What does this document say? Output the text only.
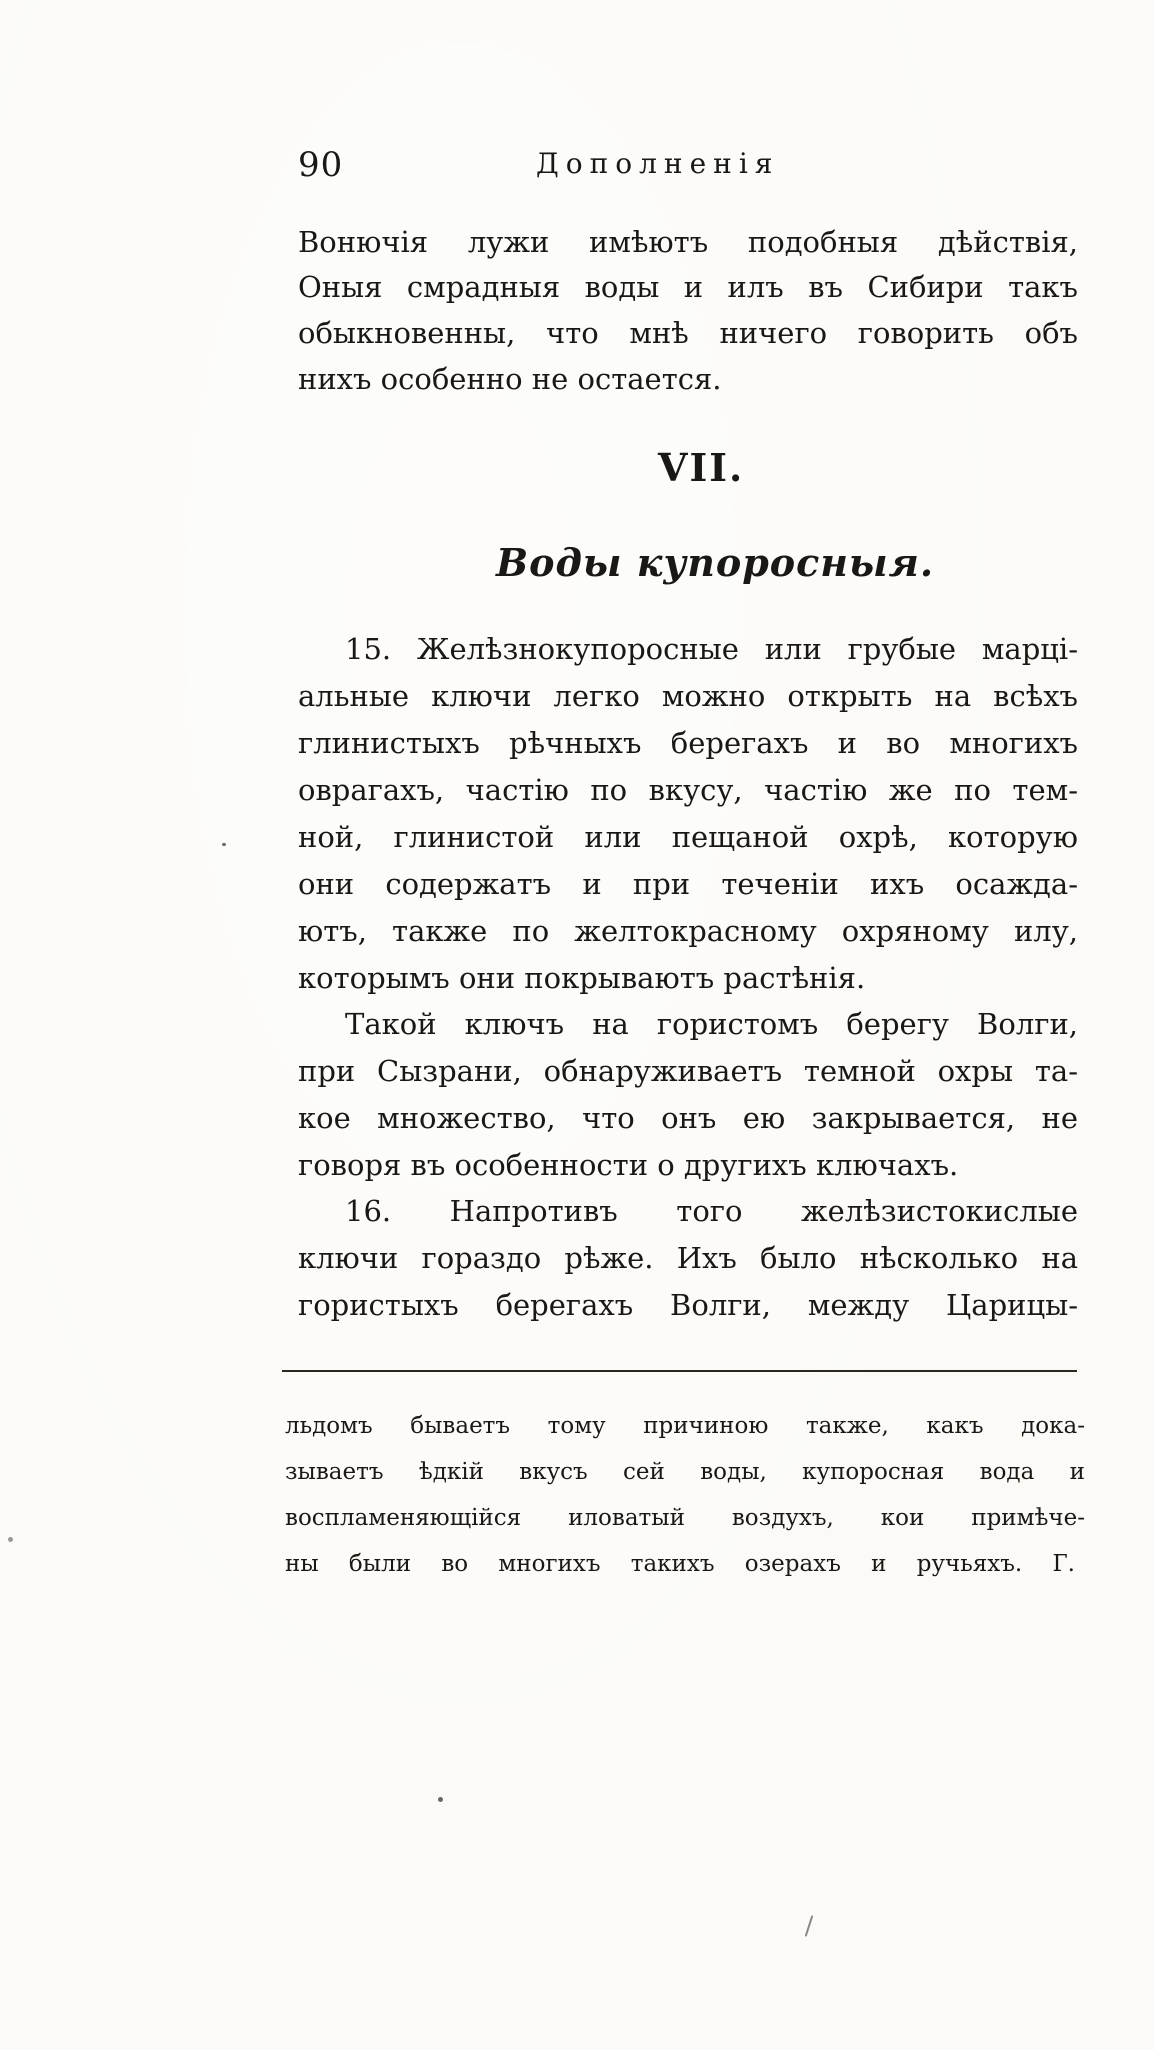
90	Дополненія
Вонючія лужи имѣютъ подобныя дѣйствія,
Оныя смрадныя воды и илъ въ Сибири такъ
обыкновенны, что мнѣ ничего говорить объ
нихъ особенно не остается.
VII.
Воды купоросныя.
15. Желѣзнокупоросные или грубые марці-
альные ключи легко можно открыть на всѣхъ
глинистыхъ рѣчныхъ берегахъ и во многихъ
оврагахъ, частію по вкусу, частію же по тем-
ной, глинистой или пещаной охрѣ, которую
они содержатъ и при теченіи ихъ осажда-
ютъ, также по желтокрасному охряному илу,
которымъ они покрываютъ растѣнія.
Такой ключъ на гористомъ берегу Волги,
при Сызрани, обнаруживаетъ темной охры та-
кое множество, что онъ ею закрывается, не
говоря въ особенности о другихъ ключахъ.
16. Напротивъ того желѣзистокислые
ключи гораздо рѣже. Ихъ было нѣсколько на
гористыхъ берегахъ Волги, между Царицы-
льдомъ бываетъ тому причиною также, какъ дока-
зываетъ ѣдкій вкусъ сей воды, купоросная вода и
воспламеняющійся иловатый воздухъ, кои примѣче-
ны были во многихъ такихъ озерахъ и ручьяхъ. Г.
